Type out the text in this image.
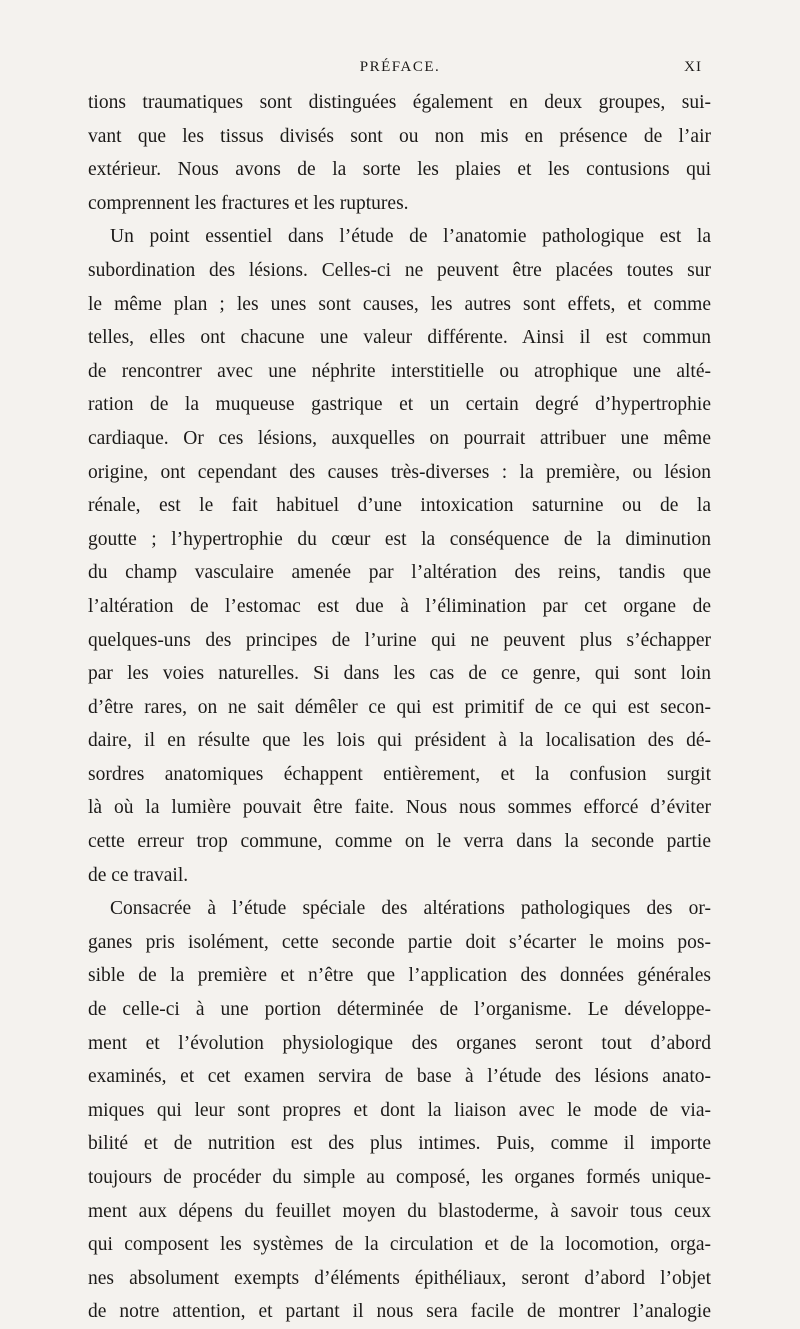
PRÉFACE.	XI
tions traumatiques sont distinguées également en deux groupes, sui-
vant que les tissus divisés sont ou non mis en présence de l’air
extérieur. Nous avons de la sorte les plaies et les contusions qui
comprennent les fractures et les ruptures.
Un point essentiel dans l’étude de l’anatomie pathologique est la
subordination des lésions. Celles-ci ne peuvent être placées toutes sur
le même plan ; les unes sont causes, les autres sont effets, et comme
telles, elles ont chacune une valeur différente. Ainsi il est commun
de rencontrer avec une néphrite interstitielle ou atrophique une alté-
ration de la muqueuse gastrique et un certain degré d’hypertrophie
cardiaque. Or ces lésions, auxquelles on pourrait attribuer une même
origine, ont cependant des causes très-diverses : la première, ou lésion
rénale, est le fait habituel d’une intoxication saturnine ou de la
goutte ; l’hypertrophie du cœur est la conséquence de la diminution
du champ vasculaire amenée par l’altération des reins, tandis que
l’altération de l’estomac est due à l’élimination par cet organe de
quelques-uns des principes de l’urine qui ne peuvent plus s’échapper
par les voies naturelles. Si dans les cas de ce genre, qui sont loin
d’être rares, on ne sait démêler ce qui est primitif de ce qui est secon-
daire, il en résulte que les lois qui président à la localisation des dé-
sordres anatomiques échappent entièrement, et la confusion surgit
là où la lumière pouvait être faite. Nous nous sommes efforcé d’éviter
cette erreur trop commune, comme on le verra dans la seconde partie
de ce travail.
Consacrée à l’étude spéciale des altérations pathologiques des or-
ganes pris isolément, cette seconde partie doit s’écarter le moins pos-
sible de la première et n’être que l’application des données générales
de celle-ci à une portion déterminée de l’organisme. Le développe-
ment et l’évolution physiologique des organes seront tout d’abord
examinés, et cet examen servira de base à l’étude des lésions anato-
miques qui leur sont propres et dont la liaison avec le mode de via-
bilité et de nutrition est des plus intimes. Puis, comme il importe
toujours de procéder du simple au composé, les organes formés unique-
ment aux dépens du feuillet moyen du blastoderme, à savoir tous ceux
qui composent les systèmes de la circulation et de la locomotion, orga-
nes absolument exempts d’éléments épithéliaux, seront d’abord l’objet
de notre attention, et partant il nous sera facile de montrer l’analogie
